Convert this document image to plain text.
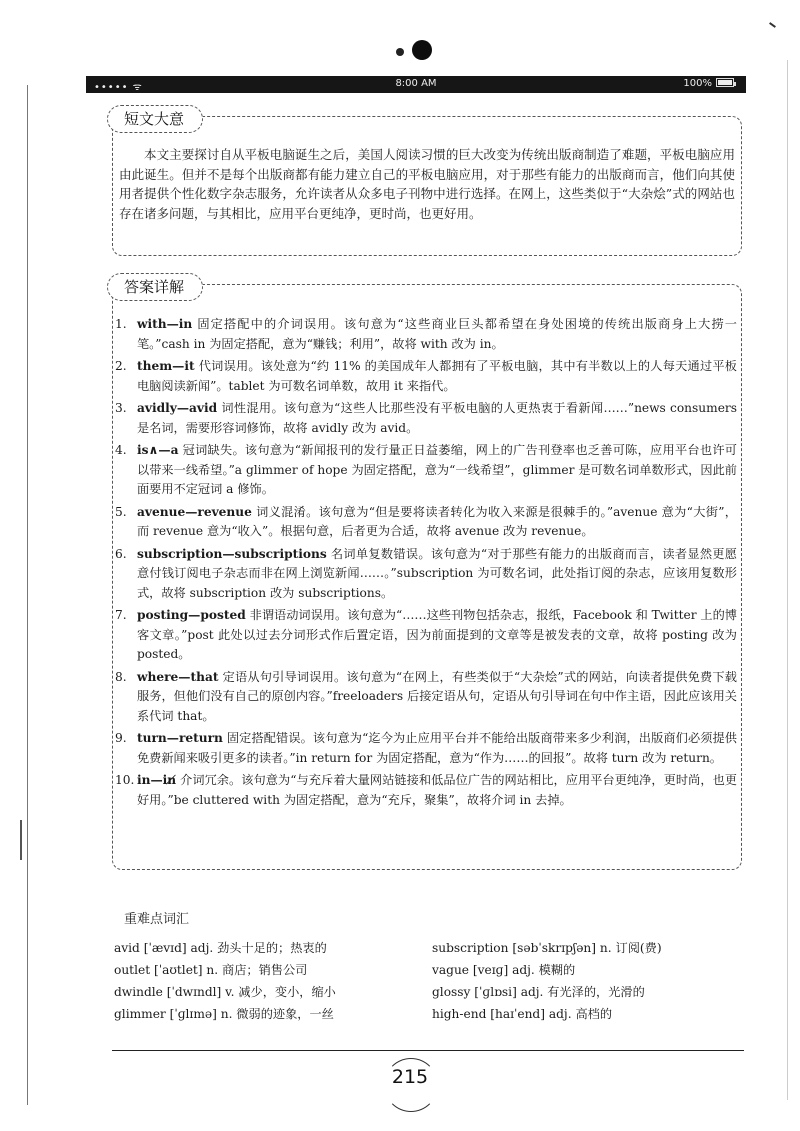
••••• ᯤ	8:00 AM	100%
短文大意
本文主要探讨自从平板电脑诞生之后，美国人阅读习惯的巨大改变为传统出版商制造了难题，平板电脑应用由此诞生。但并不是每个出版商都有能力建立自己的平板电脑应用，对于那些有能力的出版商而言，他们向其使用者提供个性化数字杂志服务，允许读者从众多电子刊物中进行选择。在网上，这些类似于“大杂烩”式的网站也存在诸多问题，与其相比，应用平台更纯净，更时尚，也更好用。
答案详解
1. with—in 固定搭配中的介词误用。该句意为“这些商业巨头都希望在身处困境的传统出版商身上大捞一笔。”cash in 为固定搭配，意为“赚钱；利用”，故将 with 改为 in。
2. them—it 代词误用。该处意为“约 11% 的美国成年人都拥有了平板电脑，其中有半数以上的人每天通过平板电脑阅读新闻”。tablet 为可数名词单数，故用 it 来指代。
3. avidly—avid 词性混用。该句意为“这些人比那些没有平板电脑的人更热衷于看新闻……”news consumers 是名词，需要形容词修饰，故将 avidly 改为 avid。
4. is∧—a 冠词缺失。该句意为“新闻报刊的发行量正日益萎缩，网上的广告刊登率也乏善可陈，应用平台也许可以带来一线希望。”a glimmer of hope 为固定搭配，意为“一线希望”，glimmer 是可数名词单数形式，因此前面要用不定冠词 a 修饰。
5. avenue—revenue 词义混淆。该句意为“但是要将读者转化为收入来源是很棘手的。”avenue 意为“大街”，而 revenue 意为“收入”。根据句意，后者更为合适，故将 avenue 改为 revenue。
6. subscription—subscriptions 名词单复数错误。该句意为“对于那些有能力的出版商而言，读者显然更愿意付钱订阅电子杂志而非在网上浏览新闻……。”subscription 为可数名词，此处指订阅的杂志，应该用复数形式，故将 subscription 改为 subscriptions。
7. posting—posted 非谓语动词误用。该句意为“……这些刊物包括杂志，报纸，Facebook 和 Twitter 上的博客文章。”post 此处以过去分词形式作后置定语，因为前面提到的文章等是被发表的文章，故将 posting 改为 posted。
8. where—that 定语从句引导词误用。该句意为“在网上，有些类似于“大杂烩”式的网站，向读者提供免费下载服务，但他们没有自己的原创内容。”freeloaders 后接定语从句，定语从句引导词在句中作主语，因此应该用关系代词 that。
9. turn—return 固定搭配错误。该句意为“迄今为止应用平台并不能给出版商带来多少利润，出版商们必须提供免费新闻来吸引更多的读者。”in return for 为固定搭配，意为“作为……的回报”。故将 turn 改为 return。
10. in—in̸ 介词冗余。该句意为“与充斥着大量网站链接和低品位广告的网站相比，应用平台更纯净，更时尚，也更好用。”be cluttered with 为固定搭配，意为“充斥，聚集”，故将介词 in 去掉。
重难点词汇
avid [ˈævɪd] adj. 劲头十足的；热衷的
outlet [ˈaʊtlet] n. 商店；销售公司
dwindle [ˈdwɪndl] v. 减少，变小，缩小
glimmer [ˈɡlɪmə] n. 微弱的迹象，一丝
subscription [səbˈskrɪpʃən] n. 订阅(费)
vague [veɪɡ] adj. 模糊的
glossy [ˈɡlɒsi] adj. 有光泽的，光滑的
high-end [haɪˈend] adj. 高档的
215
